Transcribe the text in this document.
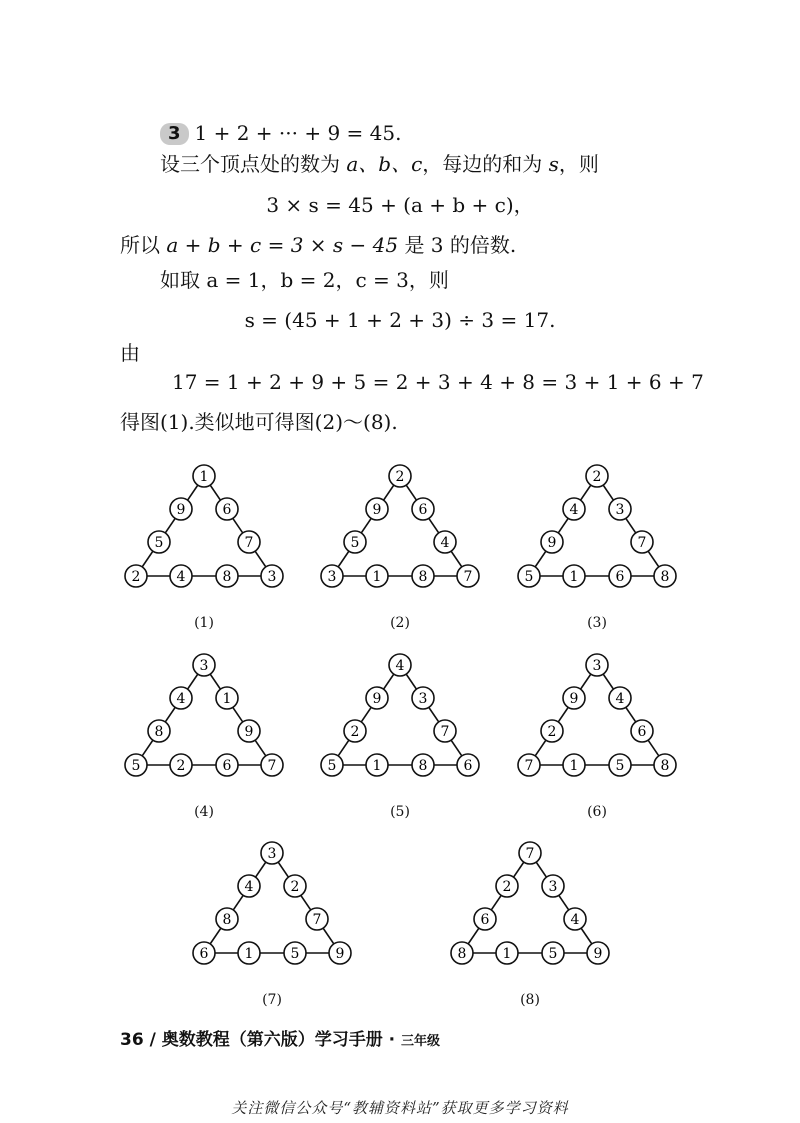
3 1 + 2 + ··· + 9 = 45.
设三个顶点处的数为 a、b、c，每边的和为 s，则
3 × s = 45 + (a + b + c)，
所以 a + b + c = 3 × s − 45 是 3 的倍数.
如取 a = 1，b = 2，c = 3，则
s = (45 + 1 + 2 + 3) ÷ 3 = 17.
由
17 = 1 + 2 + 9 + 5 = 2 + 3 + 4 + 8 = 3 + 1 + 6 + 7
得图(1).类似地可得图(2)～(8).
1
9	6
5	7
2	4	8	3
(1)
2
9	6
5	4
3	1	8	7
(2)
2
4	3
9	7
5	1	6	8
(3)
3
4	1
8	9
5	2	6	7
(4)
4
9	3
2	7
5	1	8	6
(5)
3
9	4
2	6
7	1	5	8
(6)
3
4	2
8	7
6	1	5	9
(7)
7
2	3
6	4
8	1	5	9
(8)
36 / 奥数教程（第六版）学习手册 · 三年级
关注微信公众号“教辅资料站”获取更多学习资料
